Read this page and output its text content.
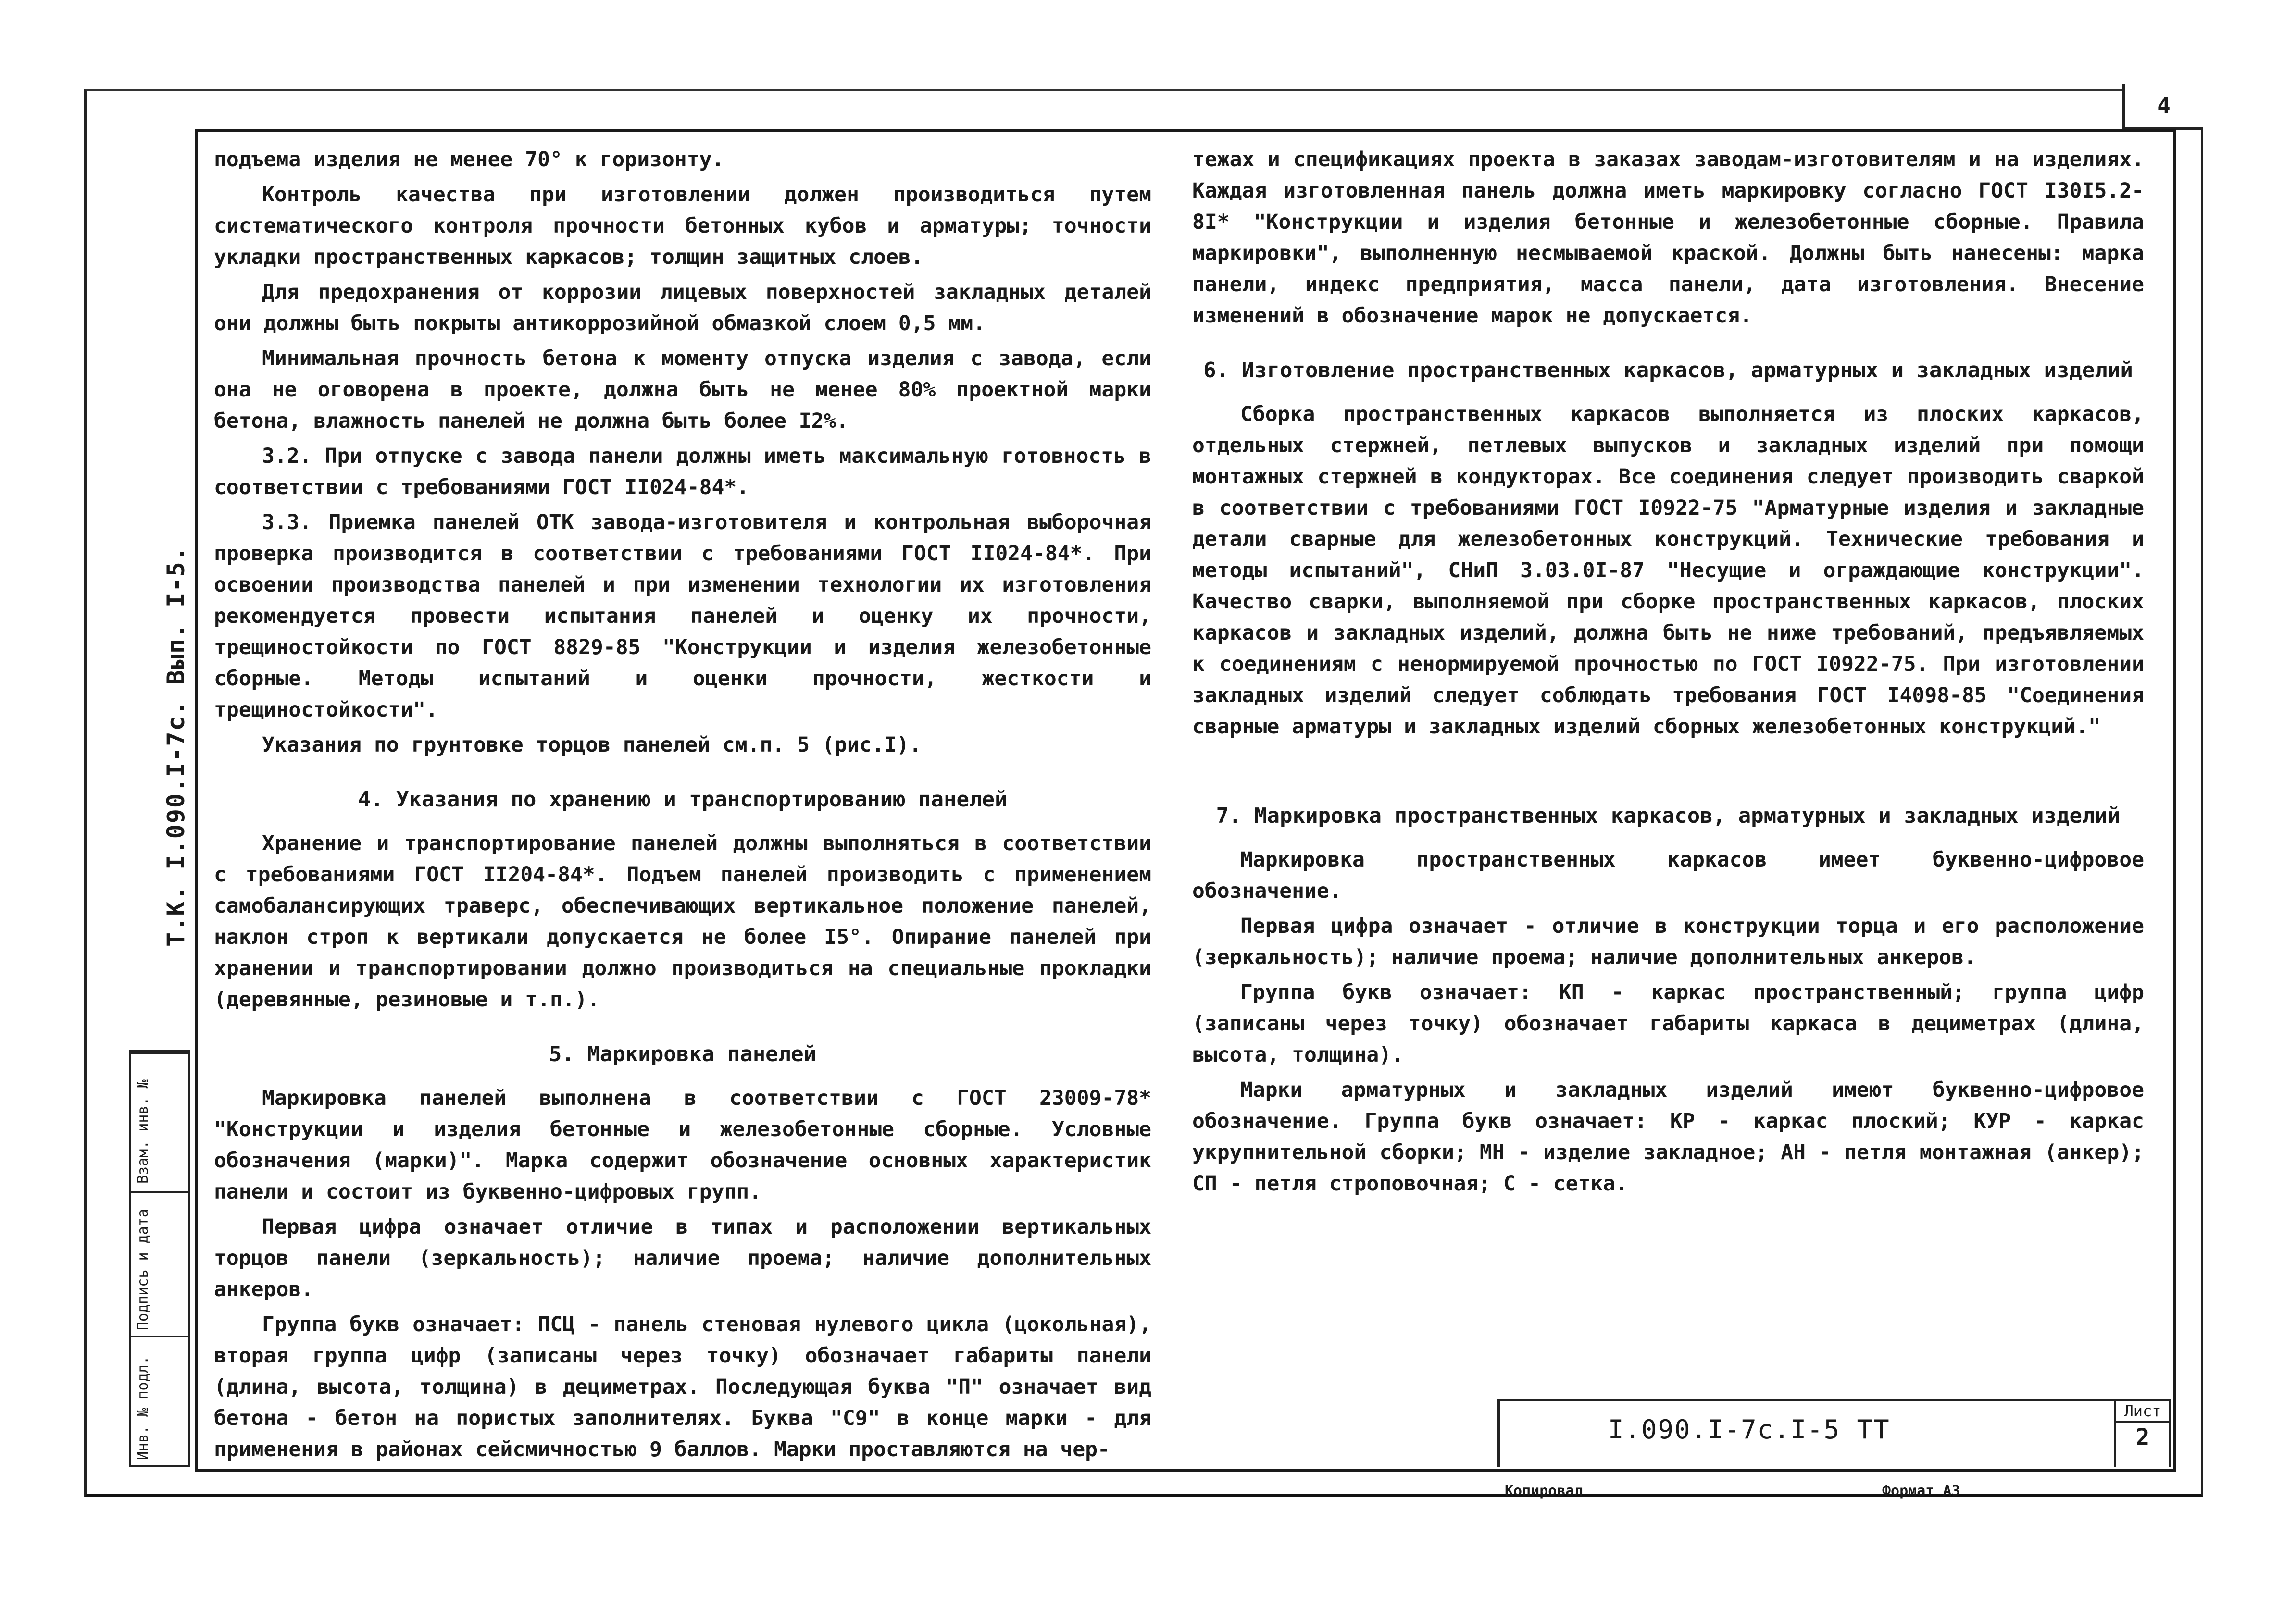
4
Т.К. I.090.I-7с. Вып. I-5.
Взам. инв. №
Подпись и дата
Инв. № подл.

подъема изделия не менее 70° к горизонту.

Контроль качества при изготовлении должен производиться путем систематического контроля прочности бетонных кубов и арматуры; точности укладки пространственных каркасов; толщин защитных слоев.

Для предохранения от коррозии лицевых поверхностей закладных деталей они должны быть покрыты антикоррозийной обмазкой слоем 0,5 мм.

Минимальная прочность бетона к моменту отпуска изделия с завода, если она не оговорена в проекте, должна быть не менее 80% проектной марки бетона, влажность панелей не должна быть более I2%.

3.2. При отпуске с завода панели должны иметь максимальную готовность в соответствии с требованиями ГОСТ II024-84*.

3.3. Приемка панелей ОТК завода-изготовителя и контрольная выборочная проверка производится в соответствии с требованиями ГОСТ II024-84*. При освоении производства панелей и при изменении технологии их изготовления рекомендуется провести испытания панелей и оценку их прочности, трещиностойкости по ГОСТ 8829-85 "Конструкции и изделия железобетонные сборные. Методы испытаний и оценки прочности, жесткости и трещиностойкости".

Указания по грунтовке торцов панелей см.п. 5 (рис.I).

4. Указания по хранению и транспортированию панелей

Хранение и транспортирование панелей должны выполняться в соответствии с требованиями ГОСТ II204-84*. Подъем панелей производить с применением самобалансирующих траверс, обеспечивающих вертикальное положение панелей, наклон строп к вертикали допускается не более I5°. Опирание панелей при хранении и транспортировании должно производиться на специальные прокладки (деревянные, резиновые и т.п.).

5. Маркировка панелей

Маркировка панелей выполнена в соответствии с ГОСТ 23009-78* "Конструкции и изделия бетонные и железобетонные сборные. Условные обозначения (марки)". Марка содержит обозначение основных характеристик панели и состоит из буквенно-цифровых групп.

Первая цифра означает отличие в типах и расположении вертикальных торцов панели (зеркальность); наличие проема; наличие дополнительных анкеров.

Группа букв означает: ПСЦ - панель стеновая нулевого цикла (цокольная), вторая группа цифр (записаны через точку) обозначает габариты панели (длина, высота, толщина) в дециметрах. Последующая буква "П" означает вид бетона - бетон на пористых заполнителях. Буква "С9" в конце марки - для применения в районах сейсмичностью 9 баллов. Марки проставляются на чер-

тежах и спецификациях проекта в заказах заводам-изготовителям и на изделиях. Каждая изготовленная панель должна иметь маркировку согласно ГОСТ I30I5.2-8I* "Конструкции и изделия бетонные и железобетонные сборные. Правила маркировки", выполненную несмываемой краской. Должны быть нанесены: марка панели, индекс предприятия, масса панели, дата изготовления. Внесение изменений в обозначение марок не допускается.

6. Изготовление пространственных каркасов, арматурных и закладных изделий

Сборка пространственных каркасов выполняется из плоских каркасов, отдельных стержней, петлевых выпусков и закладных изделий при помощи монтажных стержней в кондукторах. Все соединения следует производить сваркой в соответствии с требованиями ГОСТ I0922-75 "Арматурные изделия и закладные детали сварные для железобетонных конструкций. Технические требования и методы испытаний", СНиП 3.03.0I-87 "Несущие и ограждающие конструкции". Качество сварки, выполняемой при сборке пространственных каркасов, плоских каркасов и закладных изделий, должна быть не ниже требований, предъявляемых к соединениям с ненормируемой прочностью по ГОСТ I0922-75. При изготовлении закладных изделий следует соблюдать требования ГОСТ I4098-85 "Соединения сварные арматуры и закладных изделий сборных железобетонных конструкций."

7. Маркировка пространственных каркасов, арматурных и закладных изделий

Маркировка пространственных каркасов имеет буквенно-цифровое обозначение.

Первая цифра означает - отличие в конструкции торца и его расположение (зеркальность); наличие проема; наличие дополнительных анкеров.

Группа букв означает: КП - каркас пространственный; группа цифр (записаны через точку) обозначает габариты каркаса в дециметрах (длина, высота, толщина).

Марки арматурных и закладных изделий имеют буквенно-цифровое обозначение. Группа букв означает: КР - каркас плоский; КУР - каркас укрупнительной сборки; МН - изделие закладное; АН - петля монтажная (анкер); СП - петля строповочная; С - сетка.

I.090.I-7с.I-5 ТТ
Лист
2
Копировал	Формат А3
